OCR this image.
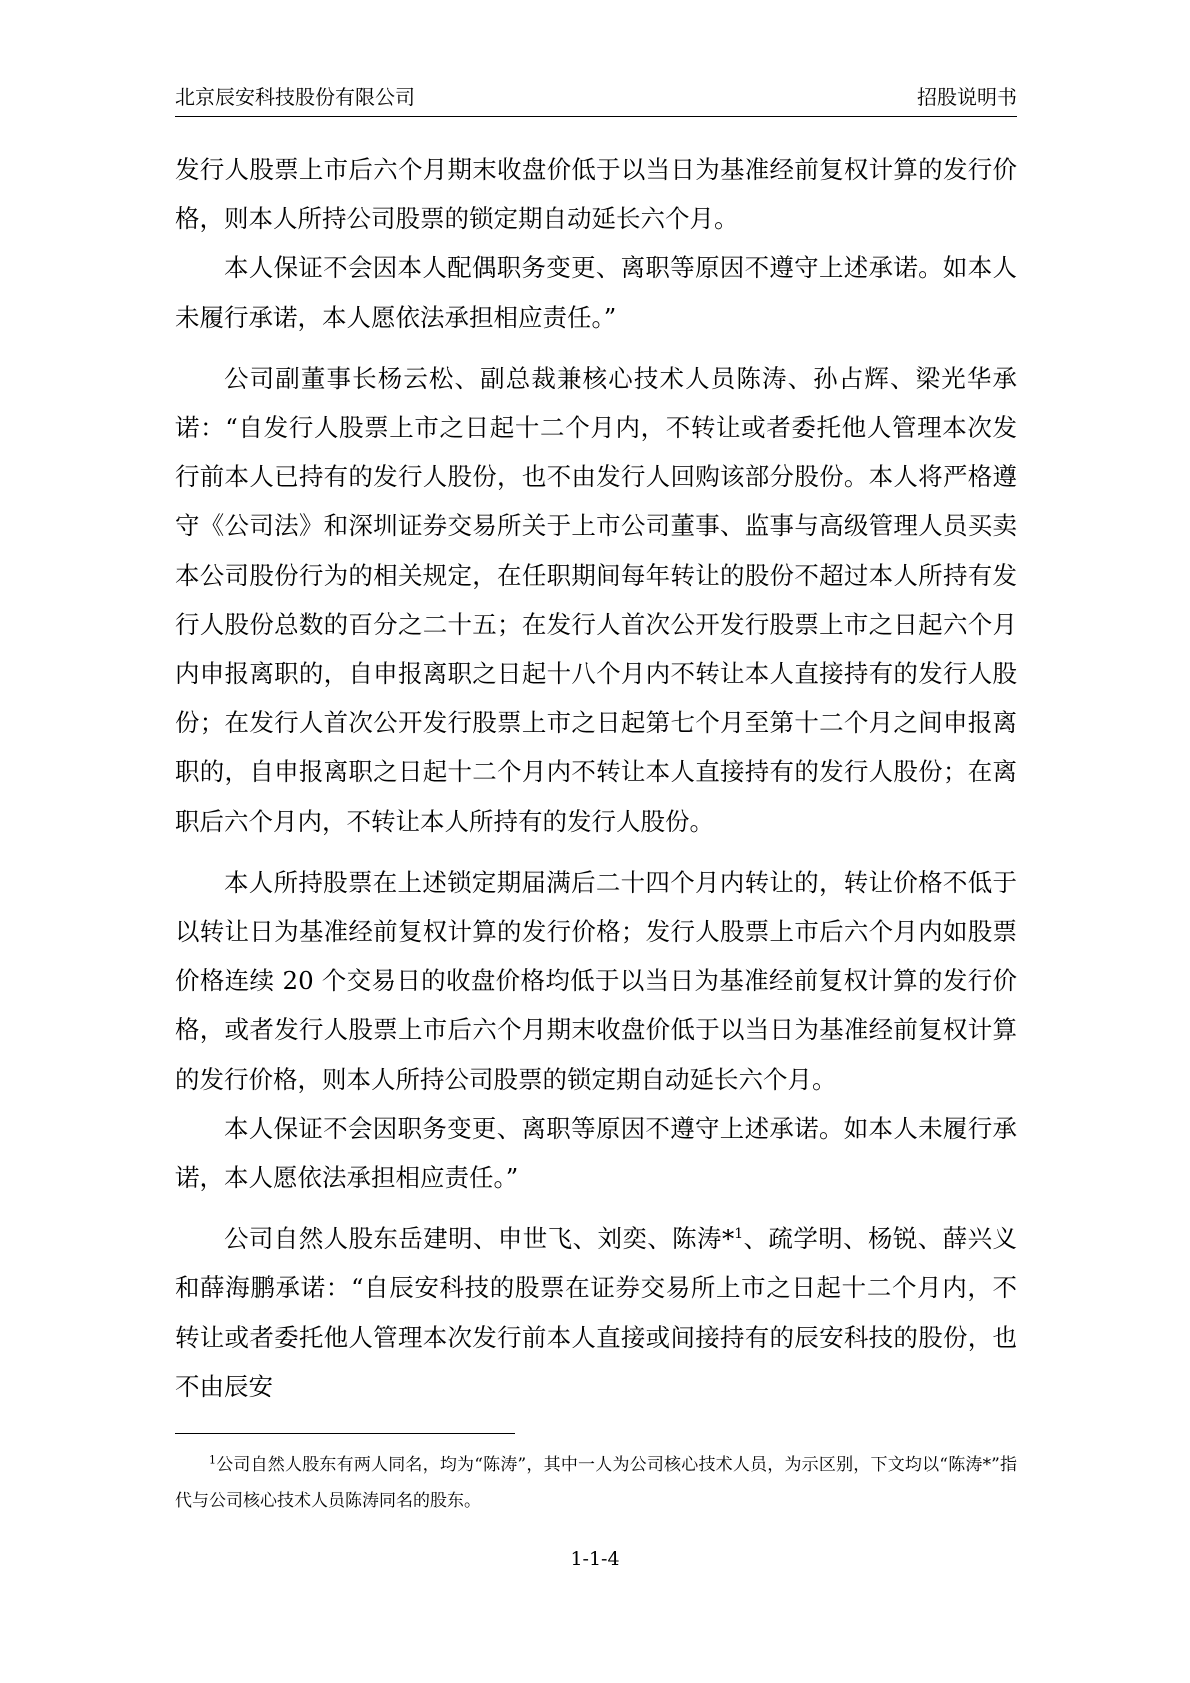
北京辰安科技股份有限公司	招股说明书

发行人股票上市后六个月期末收盘价低于以当日为基准经前复权计算的发行价格，则本人所持公司股票的锁定期自动延长六个月。

本人保证不会因本人配偶职务变更、离职等原因不遵守上述承诺。如本人未履行承诺，本人愿依法承担相应责任。”

公司副董事长杨云松、副总裁兼核心技术人员陈涛、孙占辉、梁光华承诺：“自发行人股票上市之日起十二个月内，不转让或者委托他人管理本次发行前本人已持有的发行人股份，也不由发行人回购该部分股份。本人将严格遵守《公司法》和深圳证券交易所关于上市公司董事、监事与高级管理人员买卖本公司股份行为的相关规定，在任职期间每年转让的股份不超过本人所持有发行人股份总数的百分之二十五；在发行人首次公开发行股票上市之日起六个月内申报离职的，自申报离职之日起十八个月内不转让本人直接持有的发行人股份；在发行人首次公开发行股票上市之日起第七个月至第十二个月之间申报离职的，自申报离职之日起十二个月内不转让本人直接持有的发行人股份；在离职后六个月内，不转让本人所持有的发行人股份。

本人所持股票在上述锁定期届满后二十四个月内转让的，转让价格不低于以转让日为基准经前复权计算的发行价格；发行人股票上市后六个月内如股票价格连续 20 个交易日的收盘价格均低于以当日为基准经前复权计算的发行价格，或者发行人股票上市后六个月期末收盘价低于以当日为基准经前复权计算的发行价格，则本人所持公司股票的锁定期自动延长六个月。

本人保证不会因职务变更、离职等原因不遵守上述承诺。如本人未履行承诺，本人愿依法承担相应责任。”

公司自然人股东岳建明、申世飞、刘奕、陈涛*$^1$、疏学明、杨锐、薛兴义和薛海鹏承诺：“自辰安科技的股票在证券交易所上市之日起十二个月内，不转让或者委托他人管理本次发行前本人直接或间接持有的辰安科技的股份，也不由辰安

$^1$公司自然人股东有两人同名，均为“陈涛”，其中一人为公司核心技术人员，为示区别，下文均以“陈涛*”指代与公司核心技术人员陈涛同名的股东。

1-1-4
